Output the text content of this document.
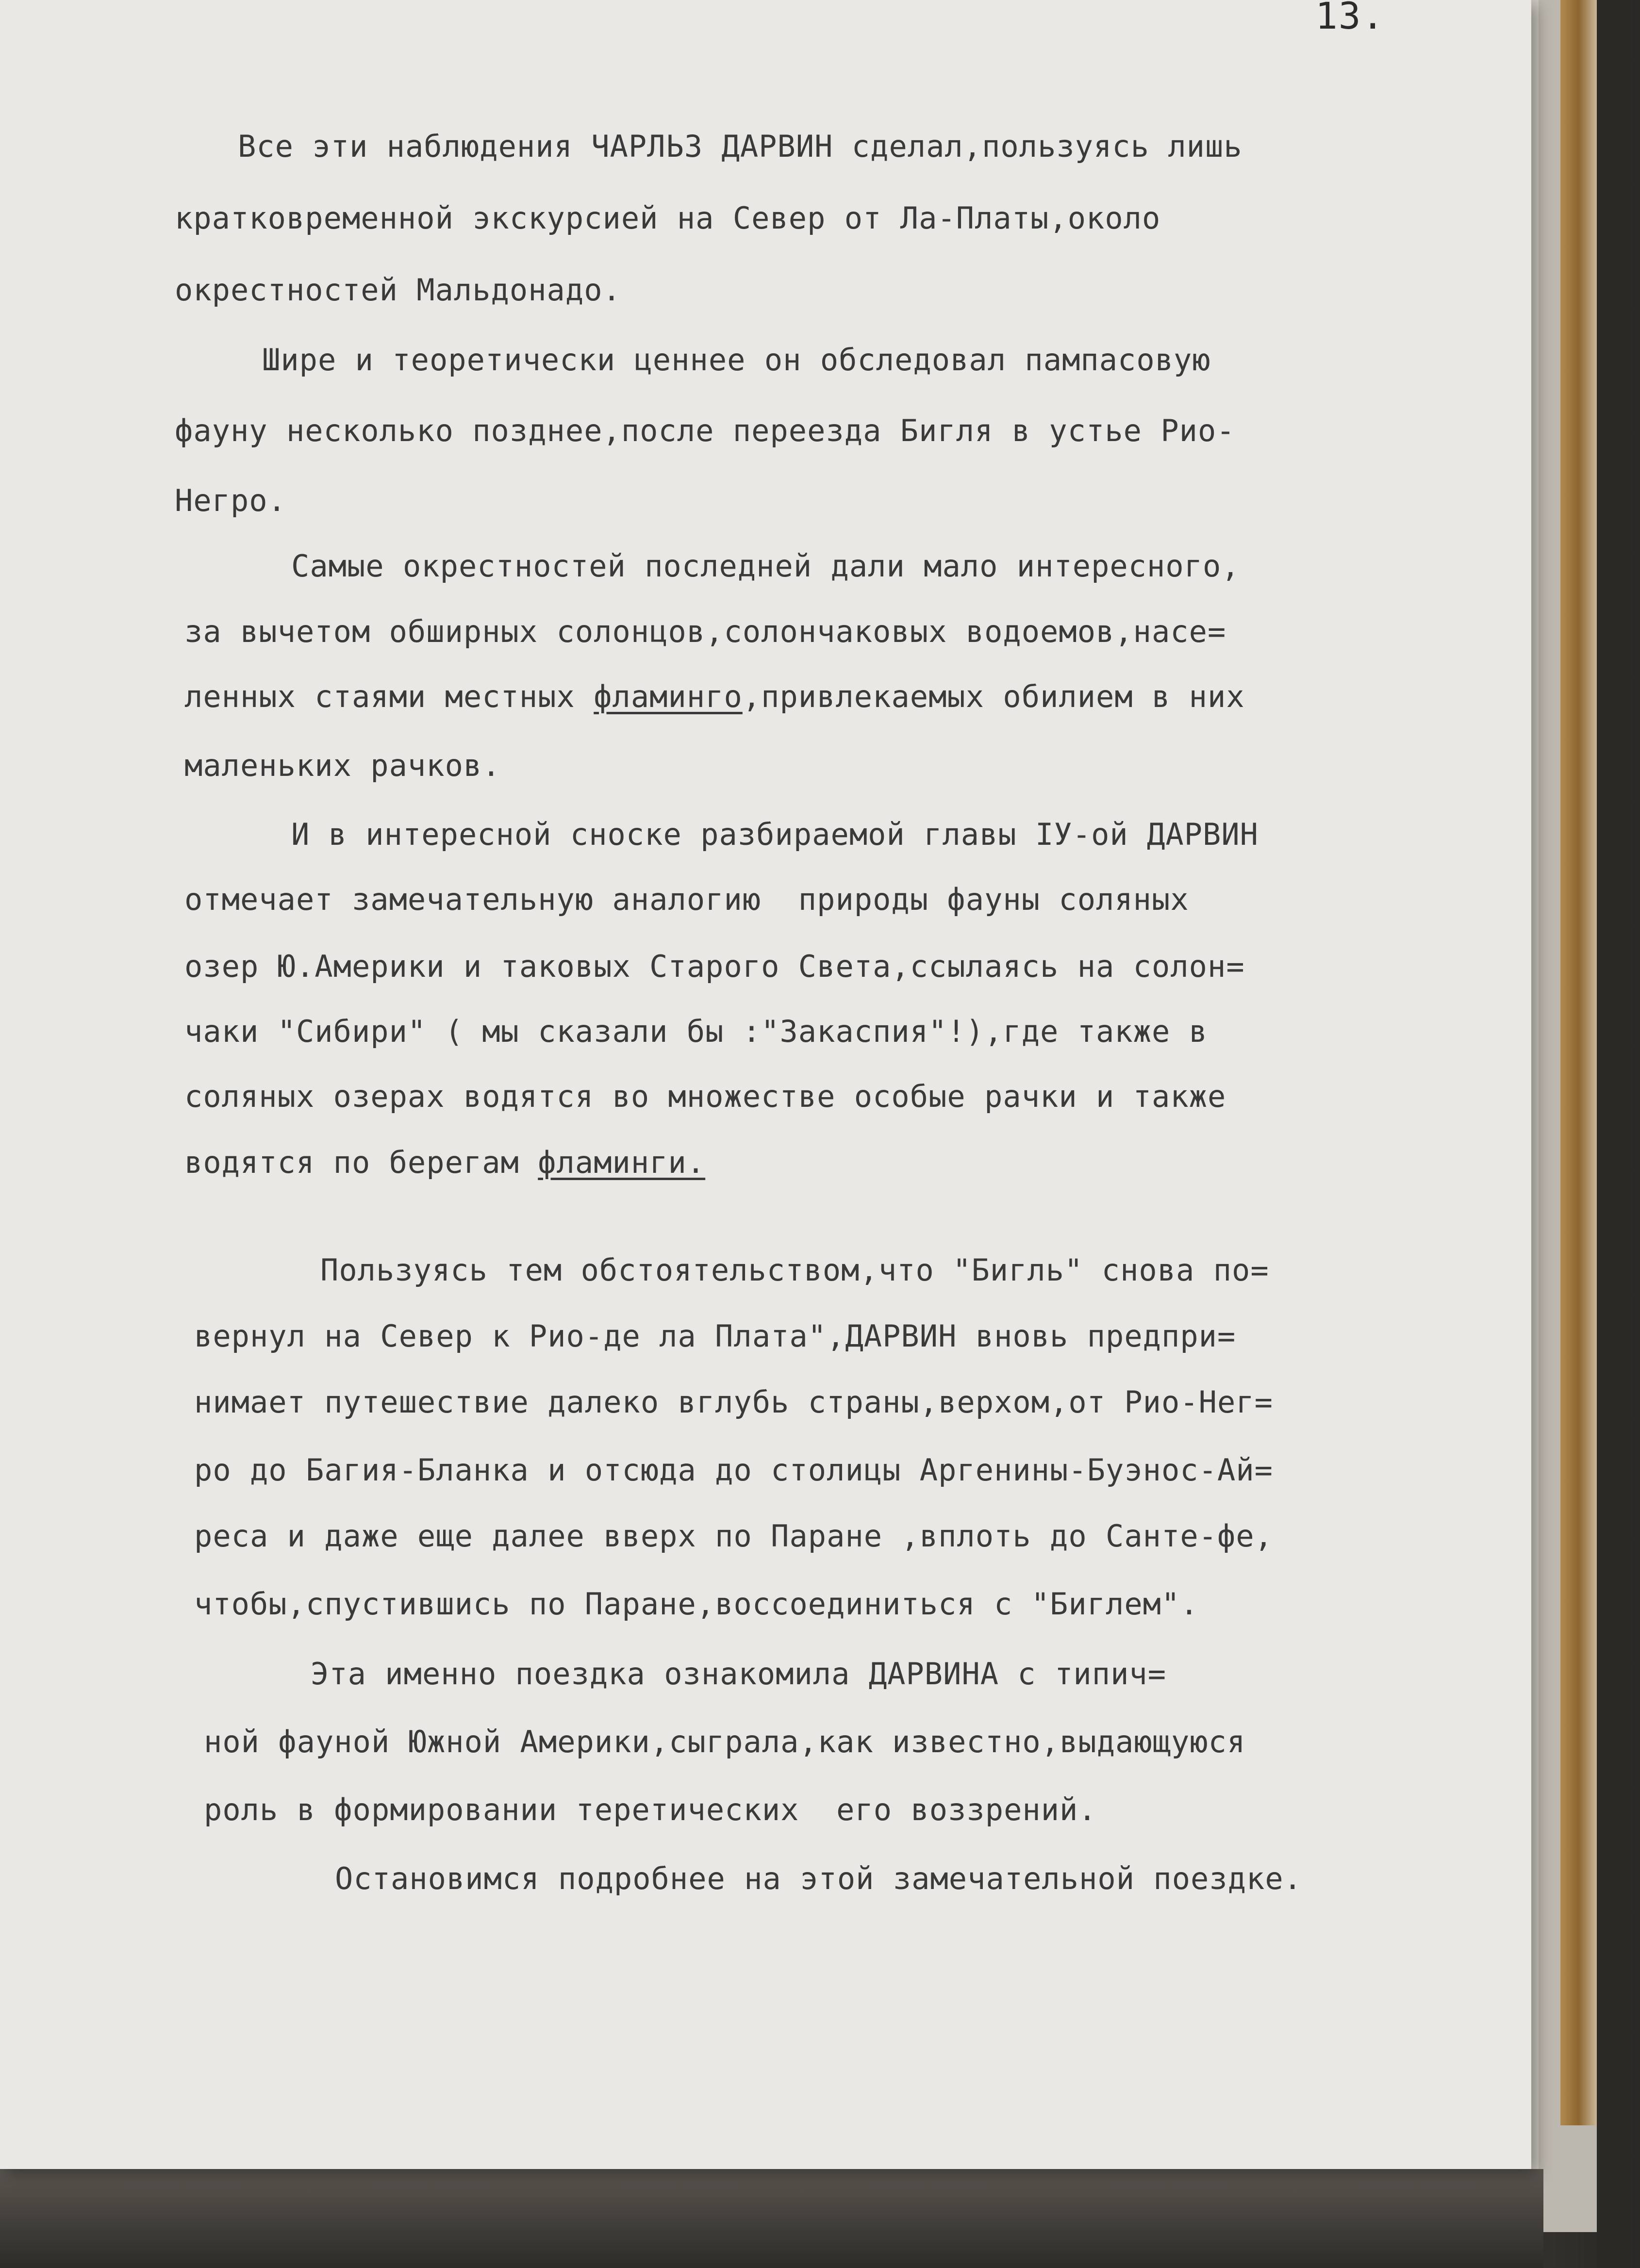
13.
Все эти наблюдения ЧАРЛЬЗ ДАРВИН сделал,пользуясь лишь
кратковременной экскурсией на Север от Ла-Платы,около
окрестностей Мальдонадо.
Шире и теоретически ценнее он обследовал пампасовую
фауну несколько позднее,после переезда Бигля в устье Рио-
Негро.
Самые окрестностей последней дали мало интересного,
за вычетом обширных солонцов,солончаковых водоемов,насе=
ленных стаями местных фламинго,привлекаемых обилием в них
маленьких рачков.
И в интересной сноске разбираемой главы IУ-ой ДАРВИН
отмечает замечательную аналогию  природы фауны соляных
озер Ю.Америки и таковых Старого Света,ссылаясь на солон=
чаки "Сибири" ( мы сказали бы :"Закаспия"!),где также в
соляных озерах водятся во множестве особые рачки и также
водятся по берегам фламинги.
Пользуясь тем обстоятельством,что "Бигль" снова по=
вернул на Север к Рио-де ла Плата",ДАРВИН вновь предпри=
нимает путешествие далеко вглубь страны,верхом,от Рио-Нег=
ро до Багия-Бланка и отсюда до столицы Аргенины-Буэнос-Ай=
реса и даже еще далее вверх по Паране ,вплоть до Санте-фе,
чтобы,спустившись по Паране,воссоединиться с "Биглем".
Эта именно поездка ознакомила ДАРВИНА с типич=
ной фауной Южной Америки,сыграла,как известно,выдающуюся
роль в формировании теретических  его воззрений.
Остановимся подробнее на этой замечательной поездке.
